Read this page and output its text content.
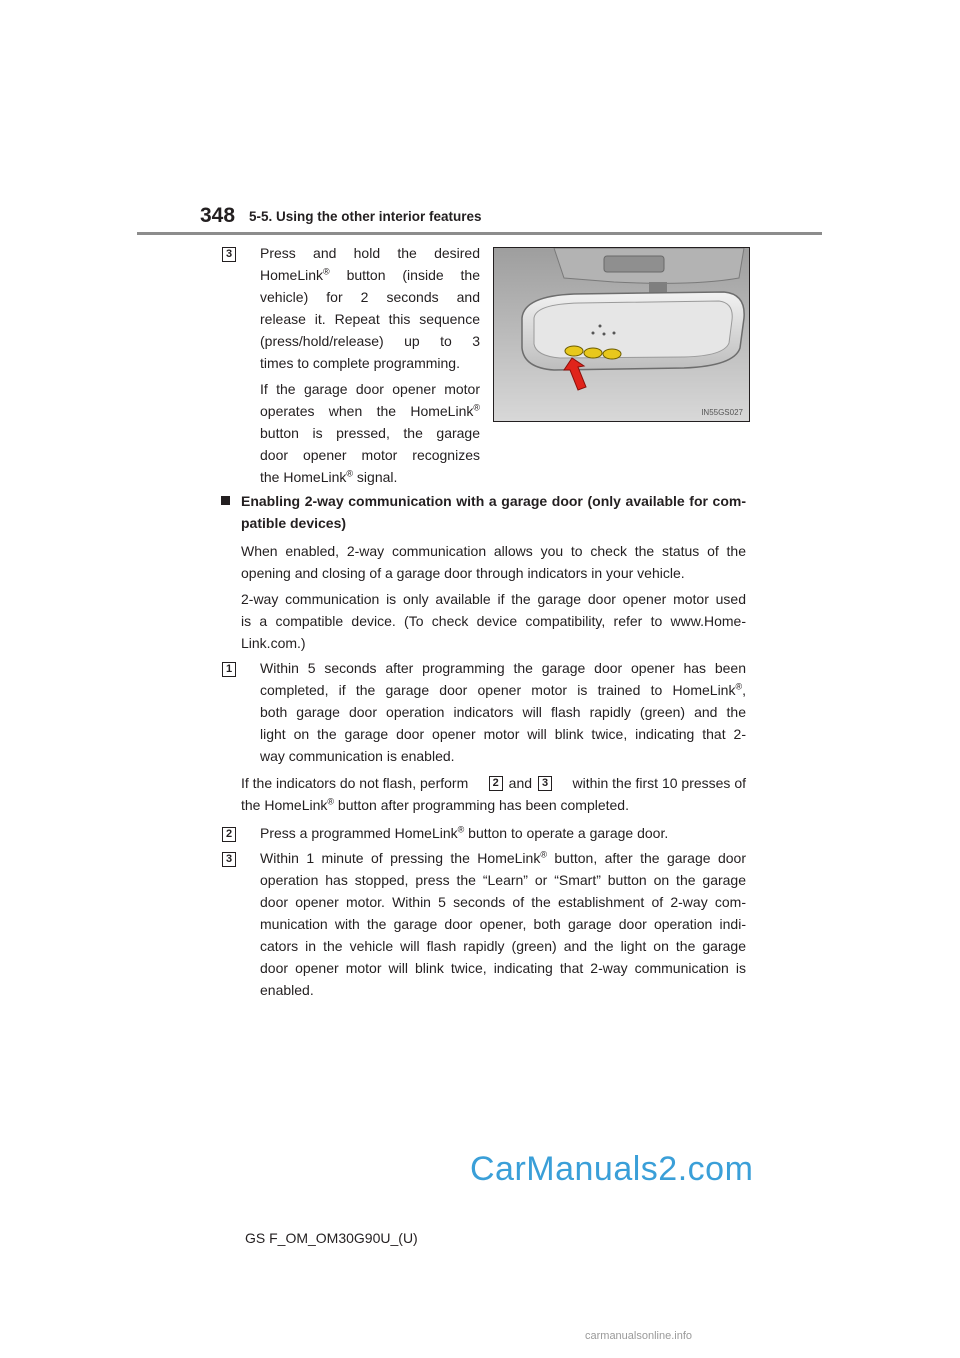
348 5-5. Using the other interior features
3 Press and hold the desired
HomeLink® button (inside the
vehicle) for 2 seconds and
release it. Repeat this sequence
(press/hold/release) up to 3
times to complete programming.
If the garage door opener motor
operates when the HomeLink®
button is pressed, the garage
door opener motor recognizes
the HomeLink® signal.
IN55GS027
Enabling 2-way communication with a garage door (only available for com-
patible devices)
When enabled, 2-way communication allows you to check the status of the
opening and closing of a garage door through indicators in your vehicle.
2-way communication is only available if the garage door opener motor used
is a compatible device. (To check device compatibility, refer to www.Home-
Link.com.)
1 Within 5 seconds after programming the garage door opener has been
completed, if the garage door opener motor is trained to HomeLink®,
both garage door operation indicators will flash rapidly (green) and the
light on the garage door opener motor will blink twice, indicating that 2-
way communication is enabled.
If the indicators do not flash, perform	2 and 3 within the first 10 presses of
the HomeLink® button after programming has been completed.
2 Press a programmed HomeLink® button to operate a garage door.
3 Within 1 minute of pressing the HomeLink® button, after the garage door
operation has stopped, press the “Learn” or “Smart” button on the garage
door opener motor. Within 5 seconds of the establishment of 2-way com-
munication with the garage door opener, both garage door operation indi-
cators in the vehicle will flash rapidly (green) and the light on the garage
door opener motor will blink twice, indicating that 2-way communication is
enabled.
CarManuals2.com
GS F_OM_OM30G90U_(U)
carmanualsonline.info
